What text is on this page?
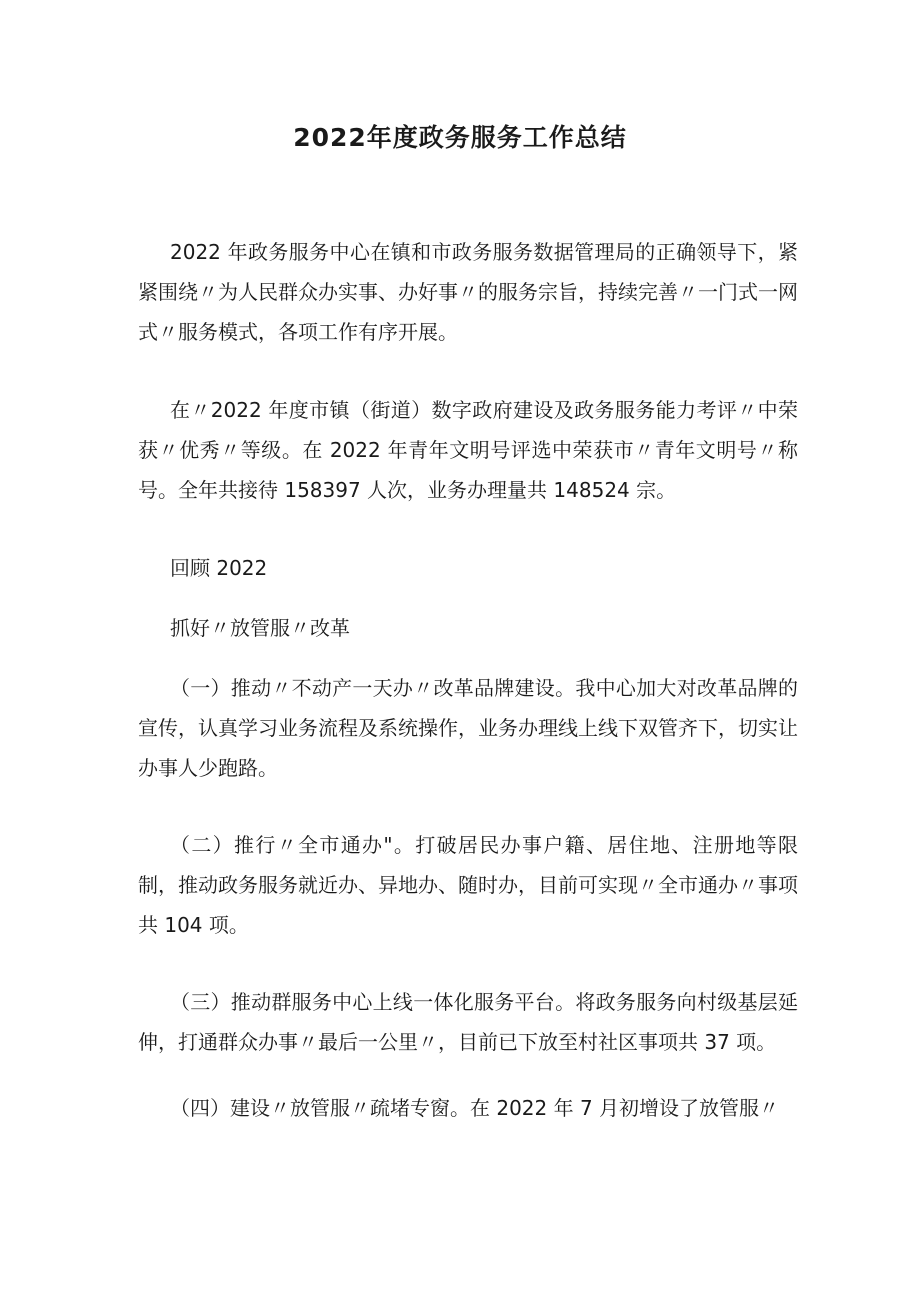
2022年度政务服务工作总结

2022 年政务服务中心在镇和市政务服务数据管理局的正确领导下，紧紧围绕〃为人民群众办实事、办好事〃的服务宗旨，持续完善〃一门式一网式〃服务模式，各项工作有序开展。

在〃2022 年度市镇（街道）数字政府建设及政务服务能力考评〃中荣获〃优秀〃等级。在 2022 年青年文明号评选中荣获市〃青年文明号〃称号。全年共接待 158397 人次，业务办理量共 148524 宗。

回顾 2022

抓好〃放管服〃改革

（一）推动〃不动产一天办〃改革品牌建设。我中心加大对改革品牌的宣传，认真学习业务流程及系统操作，业务办理线上线下双管齐下，切实让办事人少跑路。

（二）推行〃全市通办"。打破居民办事户籍、居住地、注册地等限制，推动政务服务就近办、异地办、随时办，目前可实现〃全市通办〃事项共 104 项。

（三）推动群服务中心上线一体化服务平台。将政务服务向村级基层延伸，打通群众办事〃最后一公里〃，目前已下放至村社区事项共 37 项。

（四）建设〃放管服〃疏堵专窗。在 2022 年 7 月初增设了放管服〃
